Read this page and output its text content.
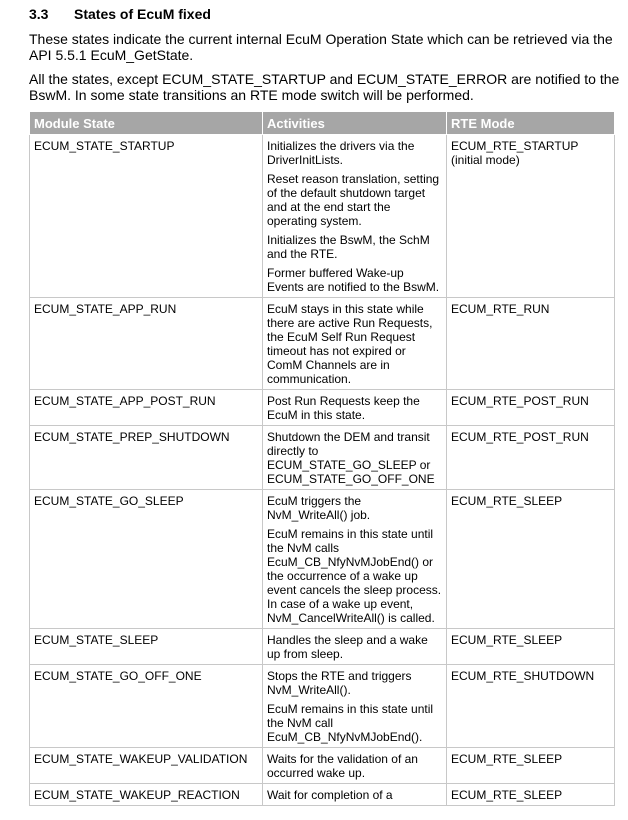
3.3	States of EcuM fixed

These states indicate the current internal EcuM Operation State which can be retrieved via the API 5.5.1 EcuM_GetState.

All the states, except ECUM_STATE_STARTUP and ECUM_STATE_ERROR are notified to the BswM. In some state transitions an RTE mode switch will be performed.

Module State	Activities	RTE Mode
ECUM_STATE_STARTUP	Initializes the drivers via the DriverInitLists.
Reset reason translation, setting of the default shutdown target and at the end start the operating system.
Initializes the BswM, the SchM and the RTE.
Former buffered Wake-up Events are notified to the BswM.	ECUM_RTE_STARTUP (initial mode)
ECUM_STATE_APP_RUN	EcuM stays in this state while there are active Run Requests, the EcuM Self Run Request timeout has not expired or ComM Channels are in communication.	ECUM_RTE_RUN
ECUM_STATE_APP_POST_RUN	Post Run Requests keep the EcuM in this state.	ECUM_RTE_POST_RUN
ECUM_STATE_PREP_SHUTDOWN	Shutdown the DEM and transit directly to ECUM_STATE_GO_SLEEP or ECUM_STATE_GO_OFF_ONE	ECUM_RTE_POST_RUN
ECUM_STATE_GO_SLEEP	EcuM triggers the NvM_WriteAll() job.
EcuM remains in this state until the NvM calls EcuM_CB_NfyNvMJobEnd() or the occurrence of a wake up event cancels the sleep process. In case of a wake up event, NvM_CancelWriteAll() is called.	ECUM_RTE_SLEEP
ECUM_STATE_SLEEP	Handles the sleep and a wake up from sleep.	ECUM_RTE_SLEEP
ECUM_STATE_GO_OFF_ONE	Stops the RTE and triggers NvM_WriteAll().
EcuM remains in this state until the NvM call EcuM_CB_NfyNvMJobEnd().	ECUM_RTE_SHUTDOWN
ECUM_STATE_WAKEUP_VALIDATION	Waits for the validation of an occurred wake up.	ECUM_RTE_SLEEP
ECUM_STATE_WAKEUP_REACTION	Wait for completion of a	ECUM_RTE_SLEEP
